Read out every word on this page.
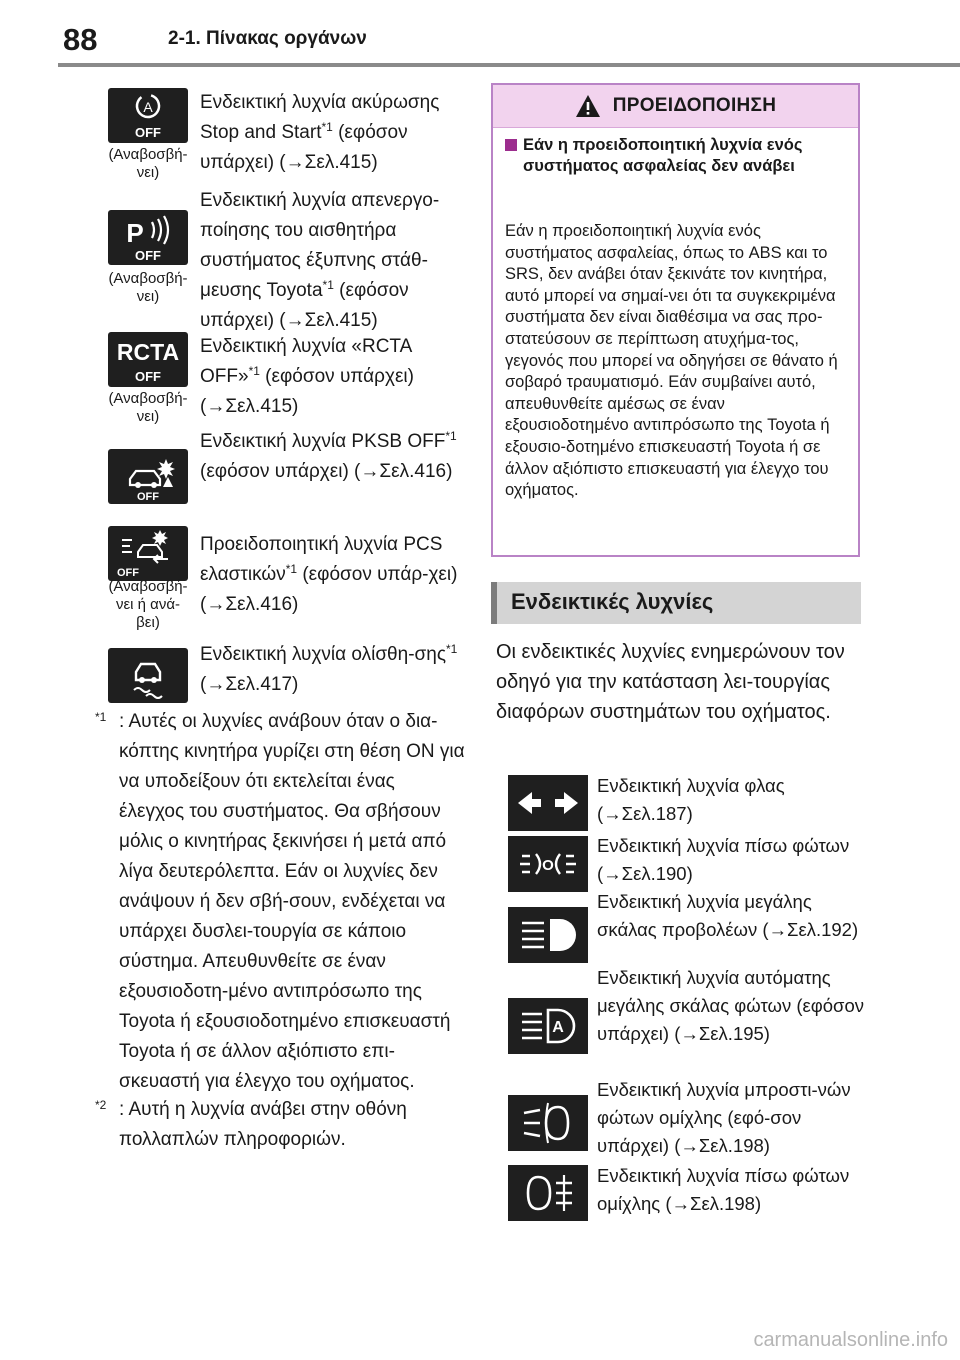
88	2-1. Πίνακας οργάνων
A
OFF
(Αναβοσβή-
νει)
Ενδεικτική λυχνία ακύρωσης Stop and Start$^{*1}$ (εφόσον υπάρχει) (→Σελ.415)
P
OFF
(Αναβοσβή-
νει)
Ενδεικτική λυχνία απενεργο-ποίησης του αισθητήρα συστήματος έξυπνης στάθ-μευσης Toyota$^{*1}$ (εφόσον υπάρχει) (→Σελ.415)
RCTA
OFF
(Αναβοσβή-
νει)
Ενδεικτική λυχνία «RCTA OFF»$^{*1}$ (εφόσον υπάρχει) (→Σελ.415)
OFF
Ενδεικτική λυχνία PKSB OFF$^{*1}$ (εφόσον υπάρχει) (→Σελ.416)
OFF
(Αναβοσβή-
νει ή ανά-
βει)
Προειδοποιητική λυχνία PCS ελαστικών$^{*1}$ (εφόσον υπάρ-χει) (→Σελ.416)
Ενδεικτική λυχνία ολίσθη-σης$^{*1}$ (→Σελ.417)
*1 : Αυτές οι λυχνίες ανάβουν όταν ο δια-κόπτης κινητήρα γυρίζει στη θέση ON για να υποδείξουν ότι εκτελείται ένας έλεγχος του συστήματος. Θα σβήσουν μόλις ο κινητήρας ξεκινήσει ή μετά από λίγα δευτερόλεπτα. Εάν οι λυχνίες δεν ανάψουν ή δεν σβή-σουν, ενδέχεται να υπάρχει δυσλει-τουργία σε κάποιο σύστημα. Απευθυνθείτε σε έναν εξουσιοδοτη-μένο αντιπρόσωπο της Toyota ή εξουσιοδοτημένο επισκευαστή Toyota ή σε άλλον αξιόπιστο επι-σκευαστή για έλεγχο του οχήματος.
*2 : Αυτή η λυχνία ανάβει στην οθόνη πολλαπλών πληροφοριών.
ΠΡΟΕΙΔΟΠΟΙΗΣΗ
Εάν η προειδοποιητική λυχνία ενός συστήματος ασφαλείας δεν ανάβει
Εάν η προειδοποιητική λυχνία ενός συστήματος ασφαλείας, όπως το ABS και το SRS, δεν ανάβει όταν ξεκινάτε τον κινητήρα, αυτό μπορεί να σημαί-νει ότι τα συγκεκριμένα συστήματα δεν είναι διαθέσιμα να σας προ-στατεύσουν σε περίπτωση ατυχήμα-τος, γεγονός που μπορεί να οδηγήσει σε θάνατο ή σοβαρό τραυματισμό. Εάν συμβαίνει αυτό, απευθυνθείτε αμέσως σε έναν εξουσιοδοτημένο αντιπρόσωπο της Toyota ή εξουσιο-δοτημένο επισκευαστή Toyota ή σε άλλον αξιόπιστο επισκευαστή για έλεγχο του οχήματος.
Ενδεικτικές λυχνίες
Οι ενδεικτικές λυχνίες ενημερώνουν τον οδηγό για την κατάσταση λει-τουργίας διαφόρων συστημάτων του οχήματος.
Ενδεικτική λυχνία φλας (→Σελ.187)
O
Ενδεικτική λυχνία πίσω φώτων (→Σελ.190)
Ενδεικτική λυχνία μεγάλης σκάλας προβολέων (→Σελ.192)
A
Ενδεικτική λυχνία αυτόματης μεγάλης σκάλας φώτων (εφόσον υπάρχει) (→Σελ.195)
Ενδεικτική λυχνία μπροστι-νών φώτων ομίχλης (εφό-σον υπάρχει) (→Σελ.198)
Ενδεικτική λυχνία πίσω φώτων ομίχλης (→Σελ.198)
carmanualsonline.info
